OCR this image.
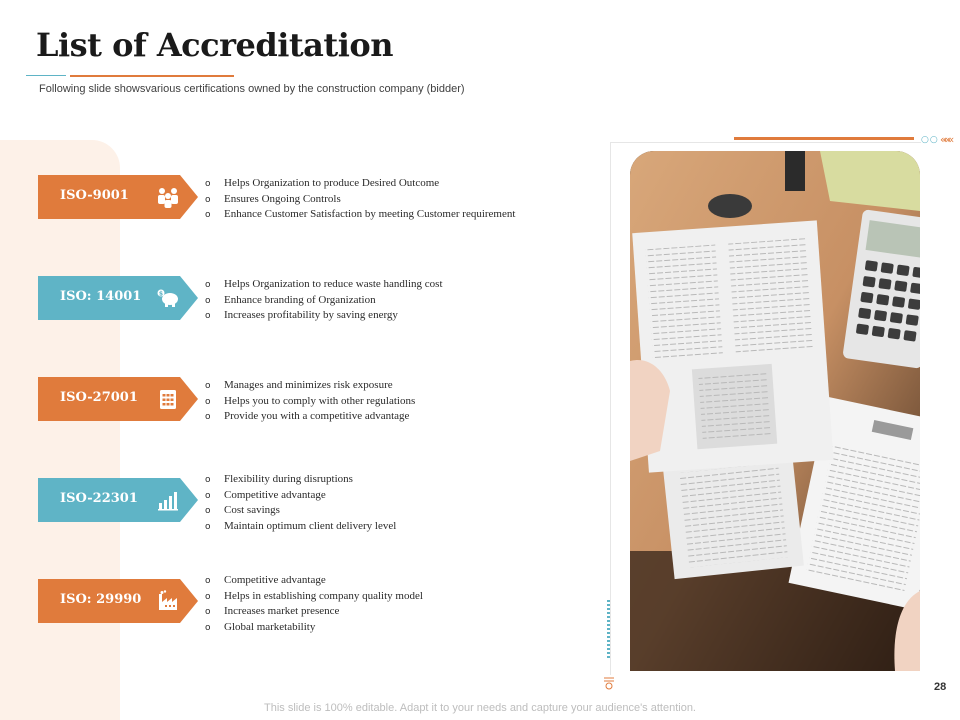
List of Accreditation
Following slide showsvarious certifications owned by the construction company (bidder)
ISO-9001
ISO: 14001	$
ISO-27001
ISO-22301
ISO: 29990
o Helps Organization to produce Desired Outcome
o Ensures Ongoing Controls
o Enhance Customer Satisfaction by meeting Customer requirement
o Helps Organization to reduce waste handling cost
o Enhance branding of Organization
o Increases profitability by saving energy
o Manages and minimizes risk exposure
o Helps you to comply with other regulations
o Provide you with a competitive advantage
o Flexibility during disruptions
o Competitive advantage
o Cost savings
o Maintain optimum client delivery level
o Competitive advantage
o Helps in establishing company quality model
o Increases market presence
o Global marketability
○○ «««
28
This slide is 100% editable. Adapt it to your needs and capture your audience's attention.
